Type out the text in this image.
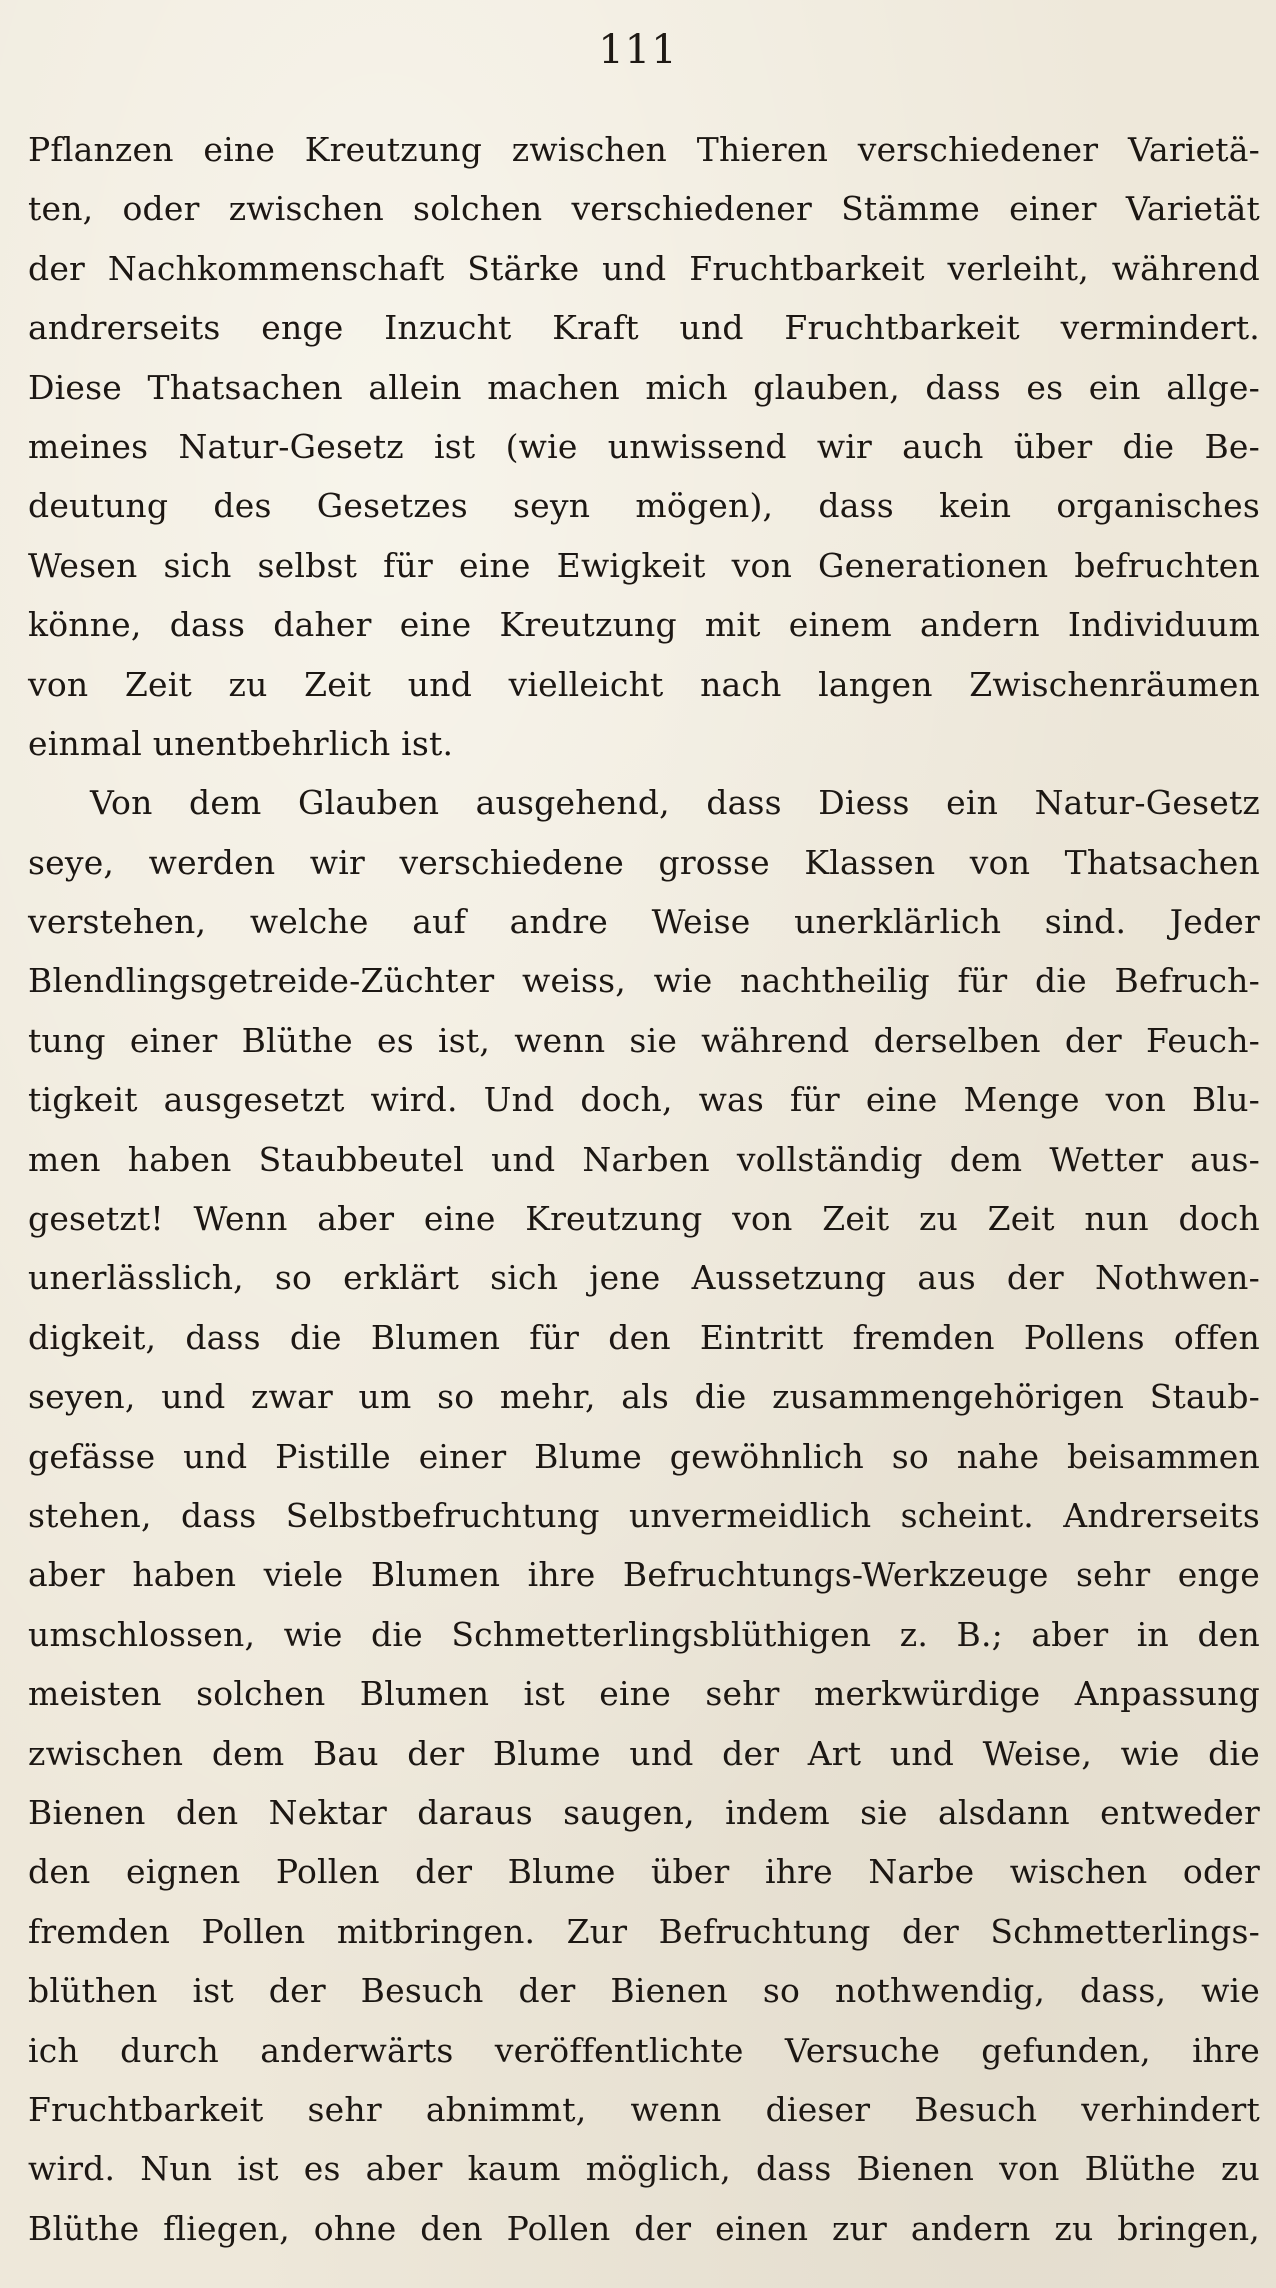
111
Pflanzen eine Kreutzung zwischen Thieren verschiedener Varietä-
ten, oder zwischen solchen verschiedener Stämme einer Varietät
der Nachkommenschaft Stärke und Fruchtbarkeit verleiht, während
andrerseits enge Inzucht Kraft und Fruchtbarkeit vermindert.
Diese Thatsachen allein machen mich glauben, dass es ein allge-
meines Natur-Gesetz ist (wie unwissend wir auch über die Be-
deutung des Gesetzes seyn mögen), dass kein organisches
Wesen sich selbst für eine Ewigkeit von Generationen befruchten
könne, dass daher eine Kreutzung mit einem andern Individuum
von Zeit zu Zeit und vielleicht nach langen Zwischenräumen
einmal unentbehrlich ist.
Von dem Glauben ausgehend, dass Diess ein Natur-Gesetz
seye, werden wir verschiedene grosse Klassen von Thatsachen
verstehen, welche auf andre Weise unerklärlich sind. Jeder
Blendlingsgetreide-Züchter weiss, wie nachtheilig für die Befruch-
tung einer Blüthe es ist, wenn sie während derselben der Feuch-
tigkeit ausgesetzt wird. Und doch, was für eine Menge von Blu-
men haben Staubbeutel und Narben vollständig dem Wetter aus-
gesetzt! Wenn aber eine Kreutzung von Zeit zu Zeit nun doch
unerlässlich, so erklärt sich jene Aussetzung aus der Nothwen-
digkeit, dass die Blumen für den Eintritt fremden Pollens offen
seyen, und zwar um so mehr, als die zusammengehörigen Staub-
gefässe und Pistille einer Blume gewöhnlich so nahe beisammen
stehen, dass Selbstbefruchtung unvermeidlich scheint. Andrerseits
aber haben viele Blumen ihre Befruchtungs-Werkzeuge sehr enge
umschlossen, wie die Schmetterlingsblüthigen z. B.; aber in den
meisten solchen Blumen ist eine sehr merkwürdige Anpassung
zwischen dem Bau der Blume und der Art und Weise, wie die
Bienen den Nektar daraus saugen, indem sie alsdann entweder
den eignen Pollen der Blume über ihre Narbe wischen oder
fremden Pollen mitbringen. Zur Befruchtung der Schmetterlings-
blüthen ist der Besuch der Bienen so nothwendig, dass, wie
ich durch anderwärts veröffentlichte Versuche gefunden, ihre
Fruchtbarkeit sehr abnimmt, wenn dieser Besuch verhindert
wird. Nun ist es aber kaum möglich, dass Bienen von Blüthe zu
Blüthe fliegen, ohne den Pollen der einen zur andern zu bringen,
